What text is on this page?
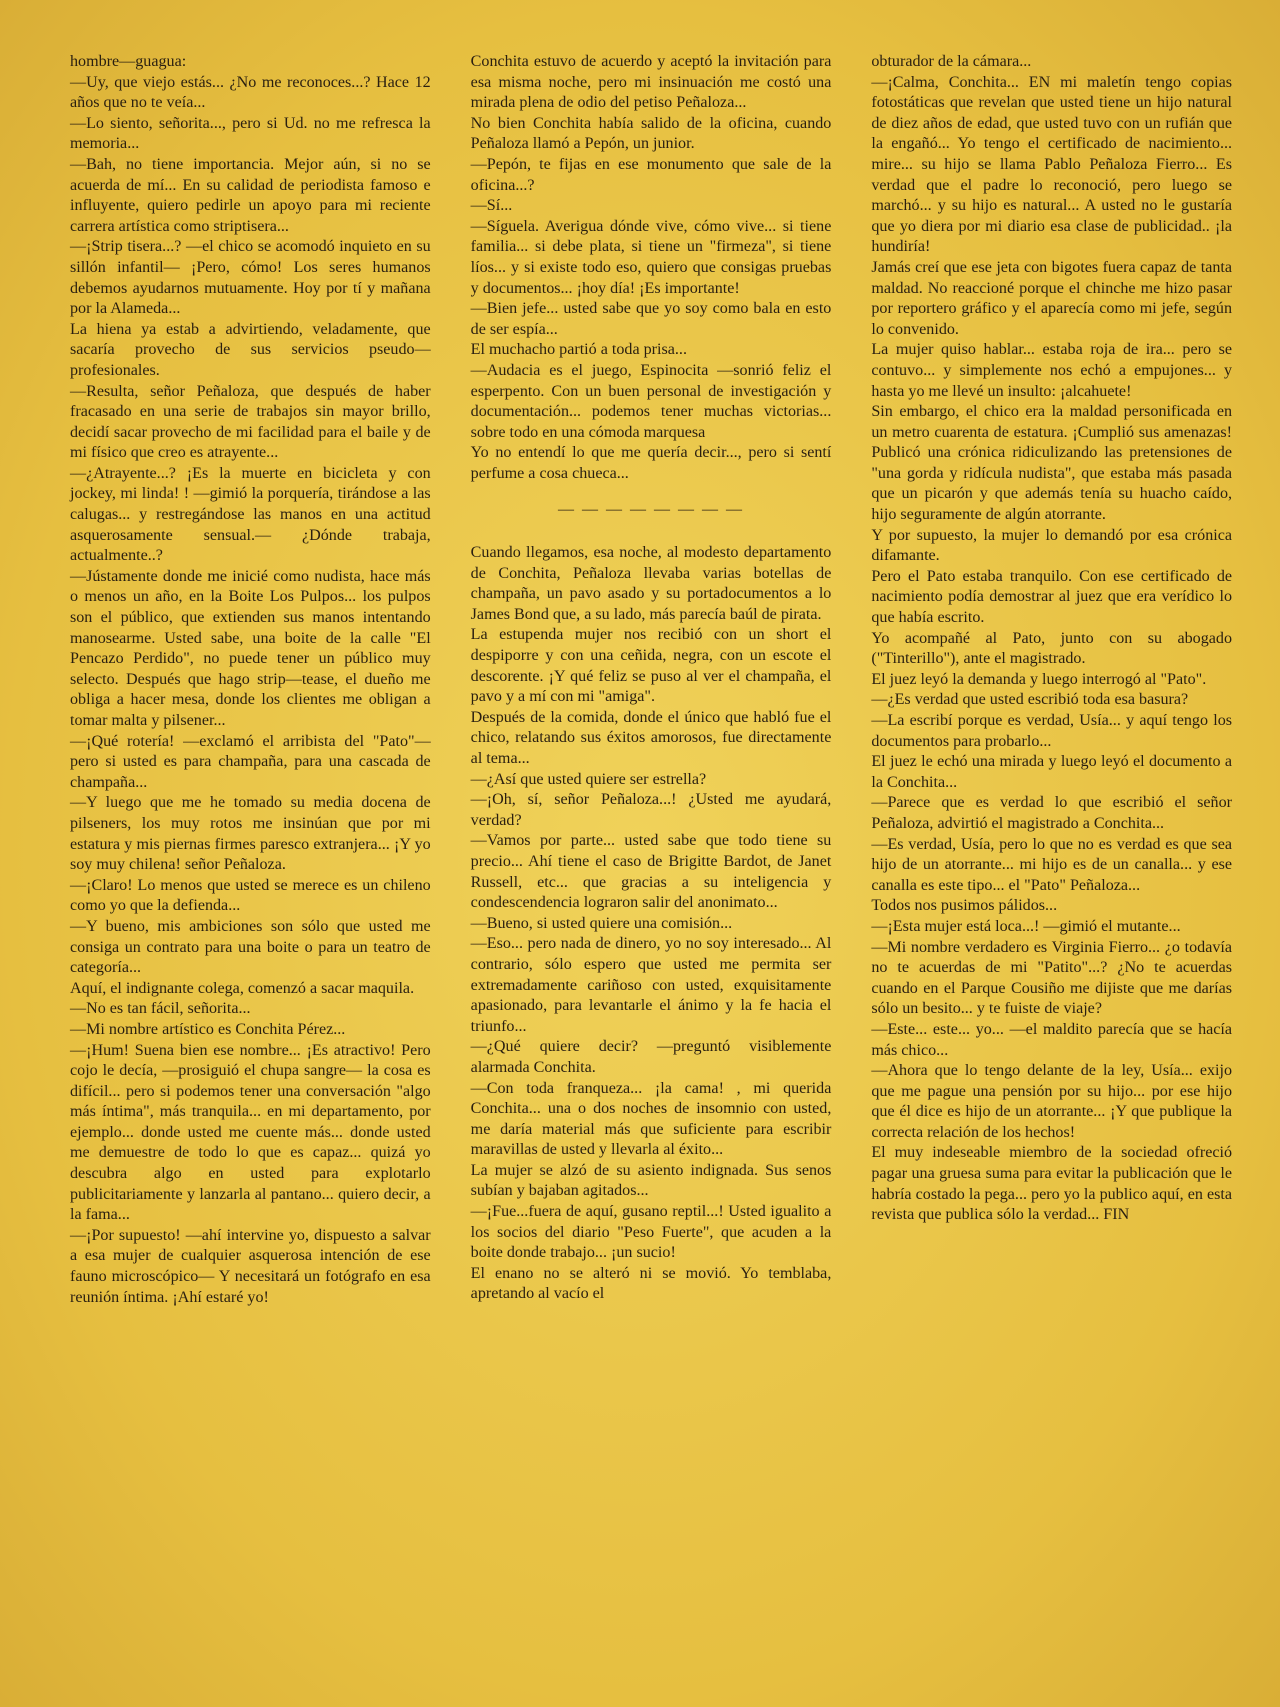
hombre—guagua:

—Uy, que viejo estás... ¿No me reconoces...? Hace 12 años que no te veía...

—Lo siento, señorita..., pero si Ud. no me refresca la memoria...

—Bah, no tiene importancia. Mejor aún, si no se acuerda de mí... En su calidad de periodista famoso e influyente, quiero pedirle un apoyo para mi reciente carrera artística como striptisera...

—¡Strip tisera...? —el chico se acomodó inquieto en su sillón infantil— ¡Pero, cómo! Los seres humanos debemos ayudarnos mutuamente. Hoy por tí y mañana por la Alameda...

La hiena ya estab a advirtiendo, veladamente, que sacaría provecho de sus servicios pseudo—profesionales.

—Resulta, señor Peñaloza, que después de haber fracasado en una serie de trabajos sin mayor brillo, decidí sacar provecho de mi facilidad para el baile y de mi físico que creo es atrayente...

—¿Atrayente...? ¡Es la muerte en bicicleta y con jockey, mi linda! ! —gimió la porquería, tirándose a las calugas... y restregándose las manos en una actitud asquerosamente sensual.— ¿Dónde trabaja, actualmente..?

—Jústamente donde me inicié como nudista, hace más o menos un año, en la Boite Los Pulpos... los pulpos son el público, que extienden sus manos intentando manosearme. Usted sabe, una boite de la calle "El Pencazo Perdido", no puede tener un público muy selecto. Después que hago strip—tease, el dueño me obliga a hacer mesa, donde los clientes me obligan a tomar malta y pilsener...

—¡Qué rotería! —exclamó el arribista del "Pato"— pero si usted es para champaña, para una cascada de champaña...

—Y luego que me he tomado su media docena de pilseners, los muy rotos me insinúan que por mi estatura y mis piernas firmes paresco extranjera... ¡Y yo soy muy chilena! señor Peñaloza.

—¡Claro! Lo menos que usted se merece es un chileno como yo que la defienda...

—Y bueno, mis ambiciones son sólo que usted me consiga un contrato para una boite o para un teatro de categoría...

Aquí, el indignante colega, comenzó a sacar maquila.

—No es tan fácil, señorita...

—Mi nombre artístico es Conchita Pérez...

—¡Hum! Suena bien ese nombre... ¡Es atractivo! Pero cojo le decía, —prosiguió el chupa sangre— la cosa es difícil... pero si podemos tener una conversación "algo más íntima", más tranquila... en mi departamento, por ejemplo... donde usted me cuente más... donde usted me demuestre de todo lo que es capaz... quizá yo descubra algo en usted para explotarlo publicitariamente y lanzarla al pantano... quiero decir, a la fama...

—¡Por supuesto! —ahí intervine yo, dispuesto a salvar a esa mujer de cualquier asquerosa intención de ese fauno microscópico— Y necesitará un fotógrafo en esa reunión íntima. ¡Ahí estaré yo!

Conchita estuvo de acuerdo y aceptó la invitación para esa misma noche, pero mi insinuación me costó una mirada plena de odio del petiso Peñaloza...

No bien Conchita había salido de la oficina, cuando Peñaloza llamó a Pepón, un junior.

—Pepón, te fijas en ese monumento que sale de la oficina...?

—Sí...

—Síguela. Averigua dónde vive, cómo vive... si tiene familia... si debe plata, si tiene un "firmeza", si tiene líos... y si existe todo eso, quiero que consigas pruebas y documentos... ¡hoy día! ¡Es importante!

—Bien jefe... usted sabe que yo soy como bala en esto de ser espía...

El muchacho partió a toda prisa...

—Audacia es el juego, Espinocita —sonrió feliz el esperpento. Con un buen personal de investigación y documentación... podemos tener muchas victorias... sobre todo en una cómoda marquesa

Yo no entendí lo que me quería decir..., pero si sentí perfume a cosa chueca...

— — — — — — — —

Cuando llegamos, esa noche, al modesto departamento de Conchita, Peñaloza llevaba varias botellas de champaña, un pavo asado y su portadocumentos a lo James Bond que, a su lado, más parecía baúl de pirata.

La estupenda mujer nos recibió con un short el despiporre y con una ceñida, negra, con un escote el descorente. ¡Y qué feliz se puso al ver el champaña, el pavo y a mí con mi "amiga".

Después de la comida, donde el único que habló fue el chico, relatando sus éxitos amorosos, fue directamente al tema...

—¿Así que usted quiere ser estrella?

—¡Oh, sí, señor Peñaloza...! ¿Usted me ayudará, verdad?

—Vamos por parte... usted sabe que todo tiene su precio... Ahí tiene el caso de Brigitte Bardot, de Janet Russell, etc... que gracias a su inteligencia y condescendencia lograron salir del anonimato...

—Bueno, si usted quiere una comisión...

—Eso... pero nada de dinero, yo no soy interesado... Al contrario, sólo espero que usted me permita ser extremadamente cariñoso con usted, exquisitamente apasionado, para levantarle el ánimo y la fe hacia el triunfo...

—¿Qué quiere decir? —preguntó visiblemente alarmada Conchita.

—Con toda franqueza... ¡la cama! , mi querida Conchita... una o dos noches de insomnio con usted, me daría material más que suficiente para escribir maravillas de usted y llevarla al éxito...

La mujer se alzó de su asiento indignada. Sus senos subían y bajaban agitados...

—¡Fue...fuera de aquí, gusano reptil...! Usted igualito a los socios del diario "Peso Fuerte", que acuden a la boite donde trabajo... ¡un sucio!

El enano no se alteró ni se movió. Yo temblaba, apretando al vacío el

obturador de la cámara...

—¡Calma, Conchita... EN mi maletín tengo copias fotostáticas que revelan que usted tiene un hijo natural de diez años de edad, que usted tuvo con un rufián que la engañó... Yo tengo el certificado de nacimiento... mire... su hijo se llama Pablo Peñaloza Fierro... Es verdad que el padre lo reconoció, pero luego se marchó... y su hijo es natural... A usted no le gustaría que yo diera por mi diario esa clase de publicidad.. ¡la hundiría!

Jamás creí que ese jeta con bigotes fuera capaz de tanta maldad. No reaccioné porque el chinche me hizo pasar por reportero gráfico y el aparecía como mi jefe, según lo convenido.

La mujer quiso hablar... estaba roja de ira... pero se contuvo... y simplemente nos echó a empujones... y hasta yo me llevé un insulto: ¡alcahuete!

Sin embargo, el chico era la maldad personificada en un metro cuarenta de estatura. ¡Cumplió sus amenazas! Publicó una crónica ridiculizando las pretensiones de "una gorda y ridícula nudista", que estaba más pasada que un picarón y que además tenía su huacho caído, hijo seguramente de algún atorrante.

Y por supuesto, la mujer lo demandó por esa crónica difamante.

Pero el Pato estaba tranquilo. Con ese certificado de nacimiento podía demostrar al juez que era verídico lo que había escrito.

Yo acompañé al Pato, junto con su abogado ("Tinterillo"), ante el magistrado.

El juez leyó la demanda y luego interrogó al "Pato".

—¿Es verdad que usted escribió toda esa basura?

—La escribí porque es verdad, Usía... y aquí tengo los documentos para probarlo...

El juez le echó una mirada y luego leyó el documento a la Conchita...

—Parece que es verdad lo que escribió el señor Peñaloza, advirtió el magistrado a Conchita...

—Es verdad, Usía, pero lo que no es verdad es que sea hijo de un atorrante... mi hijo es de un canalla... y ese canalla es este tipo... el "Pato" Peñaloza...

Todos nos pusimos pálidos...

—¡Esta mujer está loca...! —gimió el mutante...

—Mi nombre verdadero es Virginia Fierro... ¿o todavía no te acuerdas de mi "Patito"...? ¿No te acuerdas cuando en el Parque Cousiño me dijiste que me darías sólo un besito... y te fuiste de viaje?

—Este... este... yo... —el maldito parecía que se hacía más chico...

—Ahora que lo tengo delante de la ley, Usía... exijo que me pague una pensión por su hijo... por ese hijo que él dice es hijo de un atorrante... ¡Y que publique la correcta relación de los hechos!

El muy indeseable miembro de la sociedad ofreció pagar una gruesa suma para evitar la publicación que le habría costado la pega... pero yo la publico aquí, en esta revista que publica sólo la verdad... FIN
